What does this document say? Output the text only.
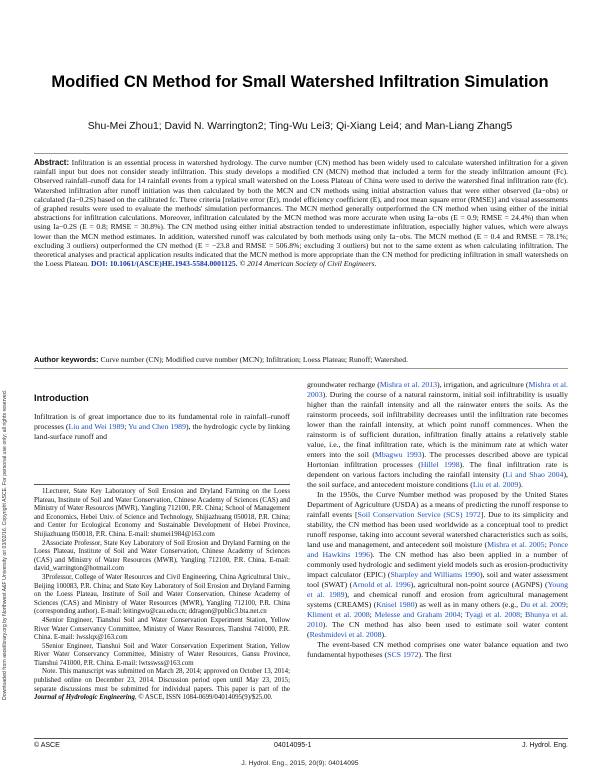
Downloaded from ascelibrary.org by Northwest A&F University on 03/02/16. Copyright ASCE. For personal use only; all rights reserved.
Modified CN Method for Small Watershed Infiltration Simulation
Shu-Mei Zhou1; David N. Warrington2; Ting-Wu Lei3; Qi-Xiang Lei4; and Man-Liang Zhang5
Abstract: Infiltration is an essential process in watershed hydrology. The curve number (CN) method has been widely used to calculate watershed infiltration for a given rainfall input but does not consider steady infiltration. This study develops a modified CN (MCN) method that included a term for the steady infiltration amount (Fc). Observed rainfall–runoff data for 14 rainfall events from a typical small watershed on the Loess Plateau of China were used to derive the watershed final infiltration rate (fc). Watershed infiltration after runoff initiation was then calculated by both the MCN and CN methods using initial abstraction values that were either observed (Ia−obs) or calculated (Ia−0.2S) based on the calibrated fc. Three criteria [relative error (Er), model efficiency coefficient (E), and root mean square error (RMSE)] and visual assessments of graphed results were used to evaluate the methods' simulation performances. The MCN method generally outperformed the CN method when using either of the initial abstractions for infiltration calculations. Moreover, infiltration calculated by the MCN method was more accurate when using Ia−obs (E = 0.9; RMSE = 24.4%) than when using Ia−0.2S (E = 0.8; RMSE = 30.8%). The CN method using either initial abstraction tended to underestimate infiltration, especially higher values, which were always lower than the MCN method estimates. In addition, watershed runoff was calculated by both methods using only Ia−obs. The MCN method (E = 0.4 and RMSE = 78.1%; excluding 3 outliers) outperformed the CN method (E = −23.8 and RMSE = 506.8%; excluding 3 outliers) but not to the same extent as when calculating infiltration. The theoretical analyses and practical application results indicated that the MCN method is more appropriate than the CN method for predicting infiltration in small watersheds on the Loess Plateau. DOI: 10.1061/(ASCE)HE.1943-5584.0001125. © 2014 American Society of Civil Engineers.
Author keywords: Curve number (CN); Modified curve number (MCN); Infiltration; Loess Plateau; Runoff; Watershed.
Introduction

Infiltration is of great importance due to its fundamental role in rainfall–runoff processes (Liu and Wei 1989; Yu and Chen 1989), the hydrologic cycle by linking land-surface runoff and

1Lecturer, State Key Laboratory of Soil Erosion and Dryland Farming on the Loess Plateau, Institute of Soil and Water Conservation, Chinese Academy of Sciences (CAS) and Ministry of Water Resources (MWR), Yangling 712100, P.R. China; School of Management and Economics, Hebei Univ. of Science and Technology, Shijiazhuang 050018, P.R. China; and Center for Ecological Economy and Sustainable Development of Hebei Province, Shijiazhuang 050018, P.R. China. E-mail: shumei1984@163.com

2Associate Professor, State Key Laboratory of Soil Erosion and Dryland Farming on the Loess Plateau, Institute of Soil and Water Conservation, Chinese Academy of Sciences (CAS) and Ministry of Water Resources (MWR), Yangling 712100, P.R. China. E-mail: david_warrington@hotmail.com

3Professor, College of Water Resources and Civil Engineering, China Agricultural Univ., Beijing 100083, P.R. China; and State Key Laboratory of Soil Erosion and Dryland Farming on the Loess Plateau, Institute of Soil and Water Conservation, Chinese Academy of Sciences (CAS) and Ministry of Water Resources (MWR), Yangling 712100, P.R. China (corresponding author). E-mail: leitingwu@cau.edu.cn; ddragon@public3.bta.net.cn

4Senior Engineer, Tianshui Soil and Water Conservation Experiment Station, Yellow River Water Conservancy Committee, Ministry of Water Resources, Tianshui 741000, P.R. China. E-mail: lwsslqx@163.com

5Senior Engineer, Tianshui Soil and Water Conservation Experiment Station, Yellow River Water Conservancy Committee, Ministry of Water Resources, Gansu Province, Tianshui 741000, P.R. China. E-mail: lwtsswss@163.com

Note. This manuscript was submitted on March 28, 2014; approved on October 13, 2014; published online on December 23, 2014. Discussion period open until May 23, 2015; separate discussions must be submitted for individual papers. This paper is part of the Journal of Hydrologic Engineering, © ASCE, ISSN 1084-0699/04014095(9)/$25.00.

groundwater recharge (Mishra et al. 2013), irrigation, and agriculture (Mishra et al. 2003). During the course of a natural rainstorm, initial soil infiltrability is usually higher than the rainfall intensity and all the rainwater enters the soils. As the rainstorm proceeds, soil infiltrability decreases until the infiltration rate becomes lower than the rainfall intensity, at which point runoff commences. When the rainstorm is of sufficient duration, infiltration finally attains a relatively stable value, i.e., the final infiltration rate, which is the minimum rate at which water enters into the soil (Mbagwu 1993). The processes described above are typical Hortonian infiltration processes (Hillel 1998). The final infiltration rate is dependent on various factors including the rainfall intensity (Li and Shao 2004), the soil surface, and antecedent moisture conditions (Liu et al. 2009).

In the 1950s, the Curve Number method was proposed by the United States Department of Agriculture (USDA) as a means of predicting the runoff response to rainfall events [Soil Conservation Service (SCS) 1972]. Due to its simplicity and stability, the CN method has been used worldwide as a conceptual tool to predict runoff response, taking into account several watershed characteristics such as soils, land use and management, and antecedent soil moisture (Mishra et al. 2005; Ponce and Hawkins 1996). The CN method has also been applied in a number of commonly used hydrologic and sediment yield models such as erosion-productivity impact calculator (EPIC) (Sharpley and Williams 1990), soil and water assessment tool (SWAT) (Arnold et al. 1996), agricultural non-point source (AGNPS) (Young et al. 1989), and chemical runoff and erosion from agricultural management systems (CREAMS) (Knisel 1980) as well as in many others (e.g., Du et al. 2009; Kliment et al. 2008; Melesse and Graham 2004; Tyagi et al. 2008; Bhunya et al. 2010). The CN method has also been used to estimate soil water content (Reshmidevi et al. 2008).

The event-based CN method comprises one water balance equation and two fundamental hypotheses (SCS 1972). The first

© ASCE	04014095-1	J. Hydrol. Eng.
J. Hydrol. Eng., 2015, 20(9): 04014095
